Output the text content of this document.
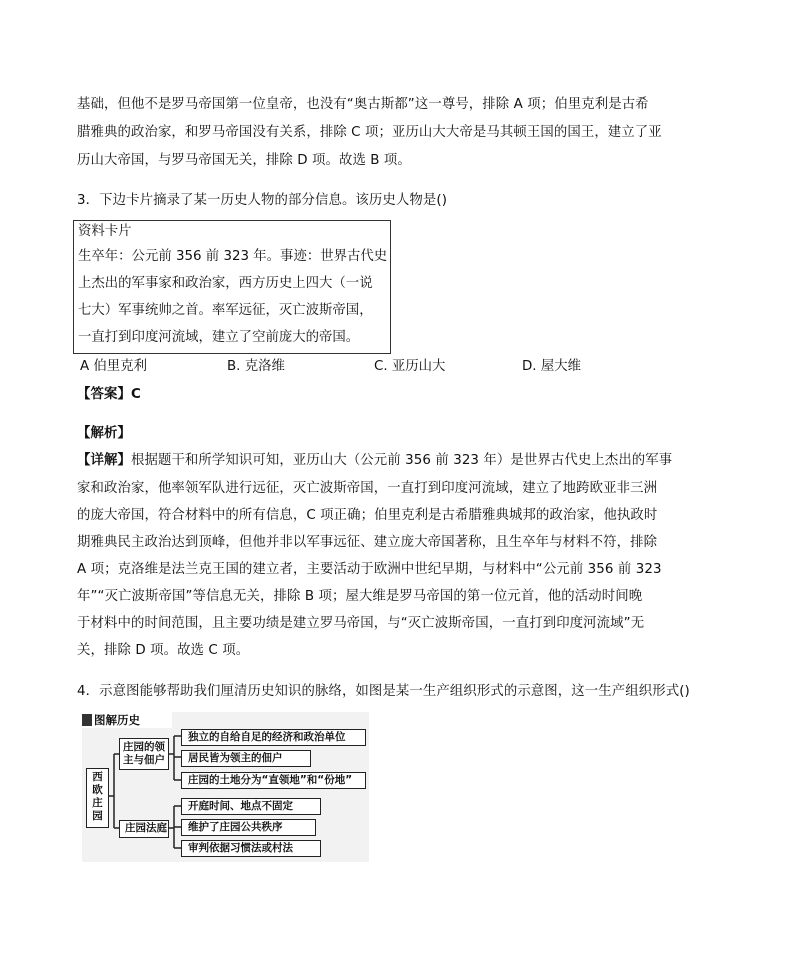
基础，但他不是罗马帝国第一位皇帝，也没有“奥古斯都”这一尊号，排除 A 项；伯里克利是古希
腊雅典的政治家，和罗马帝国没有关系，排除 C 项；亚历山大大帝是马其顿王国的国王，建立了亚
历山大帝国，与罗马帝国无关，排除 D 项。故选 B 项。
3．下边卡片摘录了某一历史人物的部分信息。该历史人物是()
资料卡片
生卒年：公元前 356 前 323 年。事迹：世界古代史
上杰出的军事家和政治家，西方历史上四大（一说
七大）军事统帅之首。率军远征，灭亡波斯帝国，
一直打到印度河流域，建立了空前庞大的帝国。
A 伯里克利	B. 克洛维	C. 亚历山大	D. 屋大维
【答案】C
【解析】
【详解】根据题干和所学知识可知，亚历山大（公元前 356 前 323 年）是世界古代史上杰出的军事
家和政治家，他率领军队进行远征，灭亡波斯帝国，一直打到印度河流域，建立了地跨欧亚非三洲
的庞大帝国，符合材料中的所有信息，C 项正确；伯里克利是古希腊雅典城邦的政治家，他执政时
期雅典民主政治达到顶峰，但他并非以军事远征、建立庞大帝国著称，且生卒年与材料不符，排除
A 项；克洛维是法兰克王国的建立者，主要活动于欧洲中世纪早期，与材料中“公元前 356 前 323
年”“灭亡波斯帝国”等信息无关，排除 B 项；屋大维是罗马帝国的第一位元首，他的活动时间晚
于材料中的时间范围，且主要功绩是建立罗马帝国，与“灭亡波斯帝国，一直打到印度河流域”无
关，排除 D 项。故选 C 项。
4．示意图能够帮助我们厘清历史知识的脉络，如图是某一生产组织形式的示意图，这一生产组织形式()
图解历史
西欧庄园
庄园的领主与佃户
庄园法庭
独立的自给自足的经济和政治单位
居民皆为领主的佃户
庄园的土地分为“直领地”和“份地”
开庭时间、地点不固定
维护了庄园公共秩序
审判依据习惯法或村法
